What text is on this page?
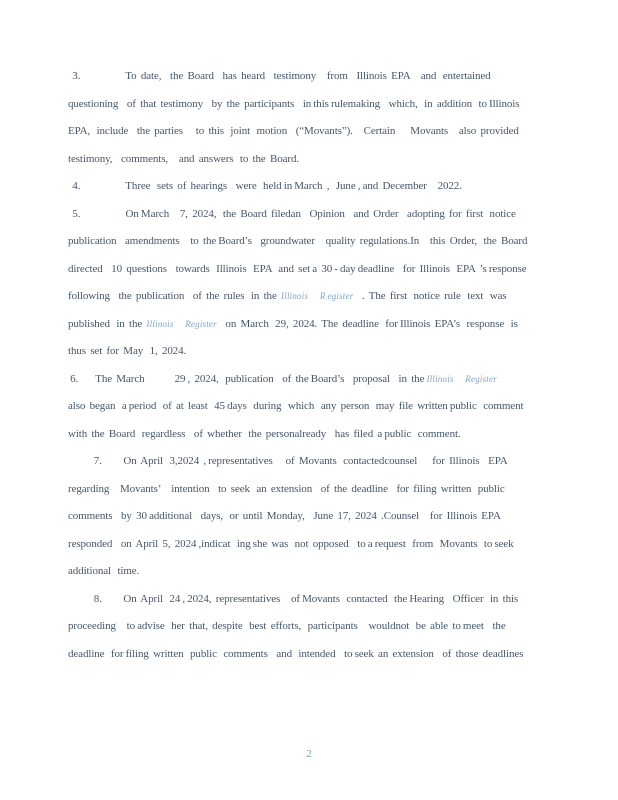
3.                     To  date,    the  Board    has  heard    testimony     from    Illinois  EPA     and   entertained
questioning    of  that  testimony    by  the  participants    in this rulemaking    which,   in  addition   to Illinois
EPA,   include    the  parties      to  this   joint   motion    (“Movants”).     Certain       Movants     also  provided
testimony,    comments,     and  answers   to  the  Board.
4.                     Three   sets  of  hearings    were   held in March  ,   June , and  December     2022.
5.                     On March     7,  2024,   the  Board  filedan    Opinion    and  Order    adopting  for  first   notice
publication    amendments     to  the Board’s    groundwater     quality  regulations.In     this  Order,   the  Board
directed    10  questions    towards   Illinois   EPA   and  set a  30 - day deadline    for  Illinois   EPA  ’s response
following    the  publication    of  the  rules   in  the  Illinois      R egister    .  The  first   notice  rule   text   was
published   in  the  Illinois      Register    on  March   29,  2024.  The  deadline   for Illinois  EPA’s   response   is
thus  set  for  May   1,  2024.
6.        The  March              29 ,  2024,   publication    of  the Board’s    proposal    in  the Illinois      Register
also  began   a period   of  at  least   45 days   during   which   any  person   may  file  written public   comment
with  the  Board   regardless    of  whether   the  personalready    has  filed  a public   comment.
7.          On  April   3,2024  , representatives      of  Movants   contactedcounsel       for  Illinois    EPA
regarding     Movants’     intention    to  seek   an  extension    of  the  deadline    for  filing  written   public
comments    by  30 additional    days,   or  until  Monday,    June  17,  2024  .Counsel     for  Illinois  EPA
responded    on  April  5,  2024 ,indicat   ing she  was   not  opposed    to a request   from   Movants   to seek
additional   time.
8.          On  April   24 , 2024,  representatives     of Movants   contacted   the Hearing    Officer   in  this
proceeding     to advise   her  that,  despite   best  efforts,   participants     wouldnot   be  able  to meet    the
deadline   for filing  written   public   comments    and   intended    to seek  an  extension    of  those  deadlines
2
